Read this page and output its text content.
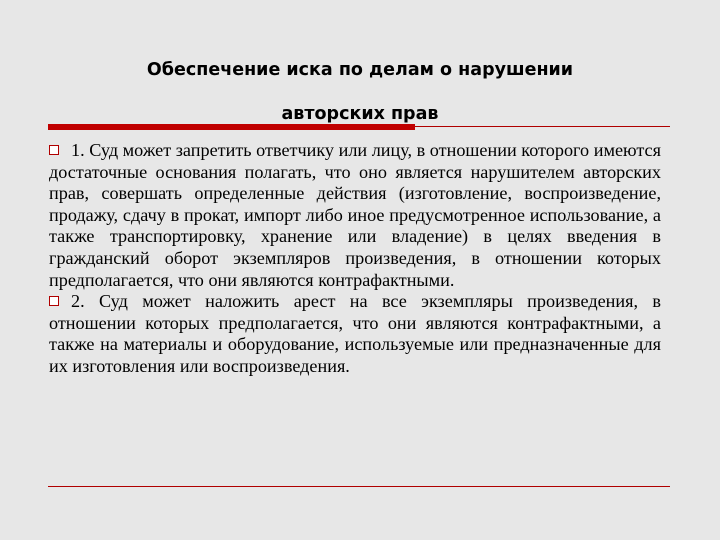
Обеспечение иска по делам о нарушении
авторских прав

1. Суд может запретить ответчику или лицу, в отношении которого имеются достаточные основания полагать, что оно является нарушителем авторских прав, совершать определенные действия (изготовление, воспроизведение, продажу, сдачу в прокат, импорт либо иное предусмотренное использование, а также транспортировку, хранение или владение) в целях введения в гражданский оборот экземпляров произведения, в отношении которых предполагается, что они являются контрафактными.

2. Суд может наложить арест на все экземпляры произведения, в отношении которых предполагается, что они являются контрафактными, а также на материалы и оборудование, используемые или предназначенные для их изготовления или воспроизведения.
